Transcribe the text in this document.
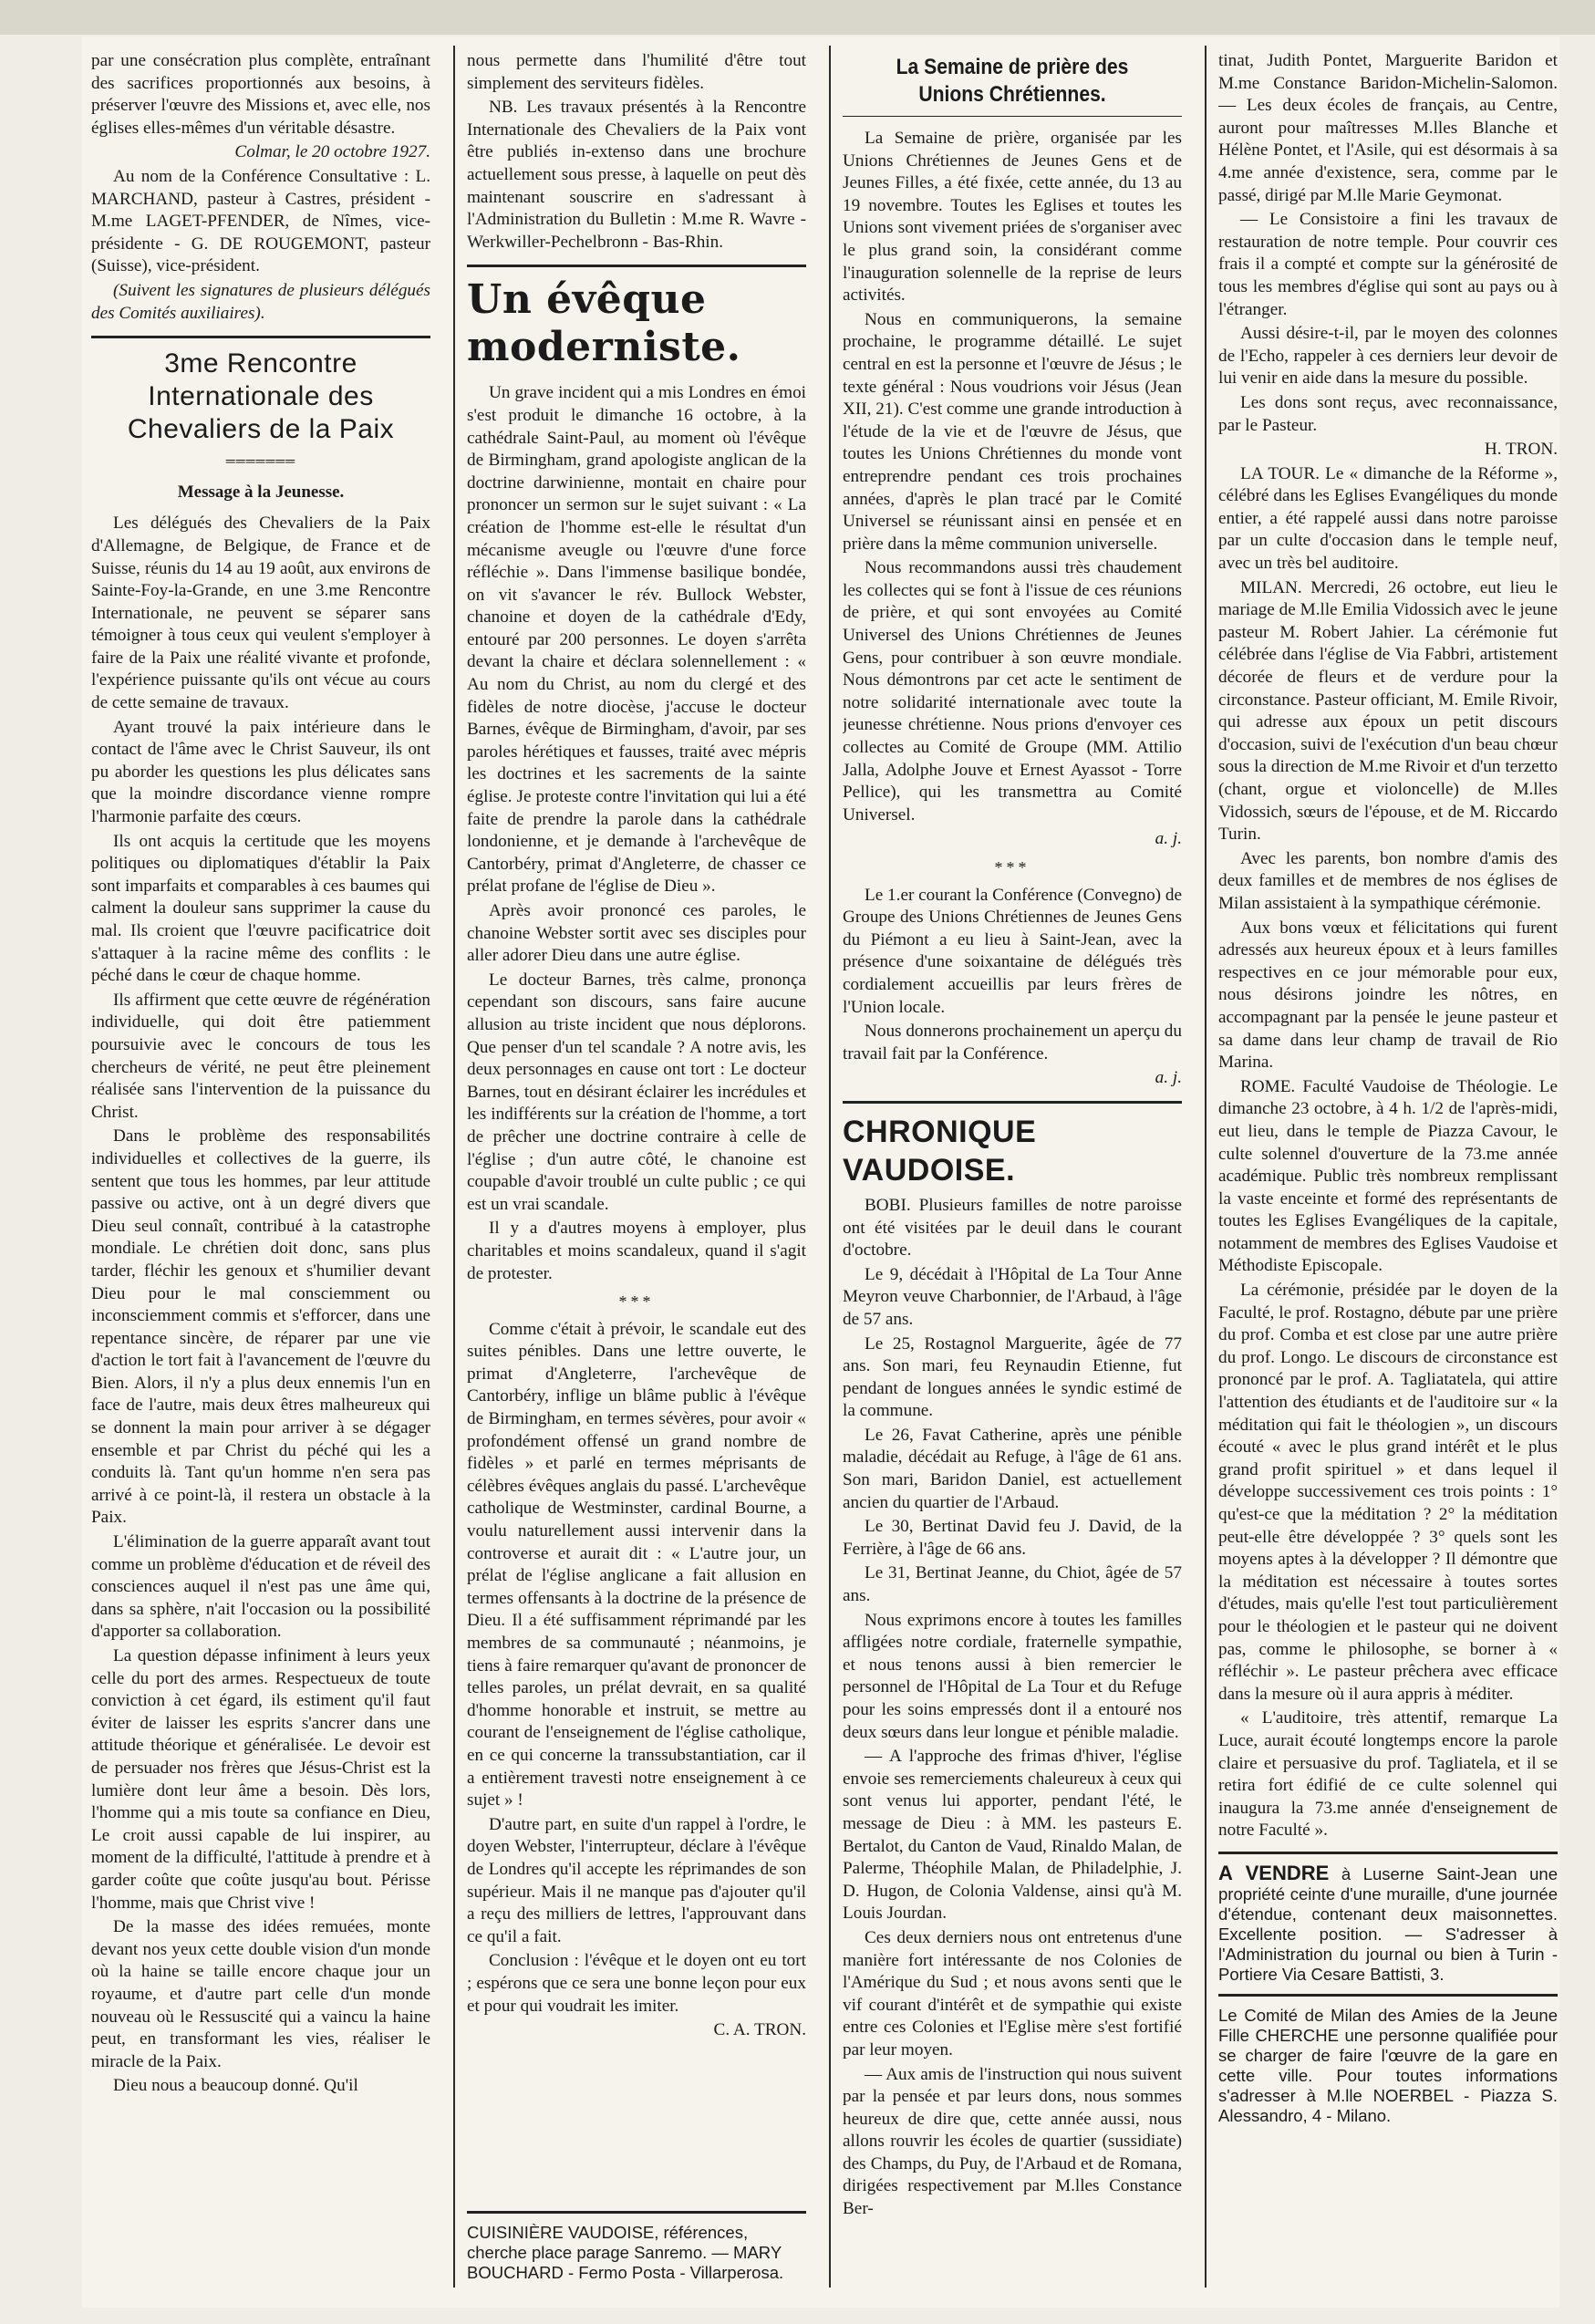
par une consécration plus complète, entraînant des sacrifices proportionnés aux besoins, à préserver l'œuvre des Missions et, avec elle, nos églises elles-mêmes d'un véritable désastre.

Colmar, le 20 octobre 1927.

Au nom de la Conférence Consultative : L. MARCHAND, pasteur à Castres, président - M.me LAGET-PFENDER, de Nîmes, vice-présidente - G. DE ROUGEMONT, pasteur (Suisse), vice-président.

(Suivent les signatures de plusieurs délégués des Comités auxiliaires).

3me Rencontre Internationale des Chevaliers de la Paix
═══════
Message à la Jeunesse.

Les délégués des Chevaliers de la Paix d'Allemagne, de Belgique, de France et de Suisse, réunis du 14 au 19 août, aux environs de Sainte-Foy-la-Grande, en une 3.me Rencontre Internationale, ne peuvent se séparer sans témoigner à tous ceux qui veulent s'employer à faire de la Paix une réalité vivante et profonde, l'expérience puissante qu'ils ont vécue au cours de cette semaine de travaux.

Ayant trouvé la paix intérieure dans le contact de l'âme avec le Christ Sauveur, ils ont pu aborder les questions les plus délicates sans que la moindre discordance vienne rompre l'harmonie parfaite des cœurs.

Ils ont acquis la certitude que les moyens politiques ou diplomatiques d'établir la Paix sont imparfaits et comparables à ces baumes qui calment la douleur sans supprimer la cause du mal. Ils croient que l'œuvre pacificatrice doit s'attaquer à la racine même des conflits : le péché dans le cœur de chaque homme.

Ils affirment que cette œuvre de régénération individuelle, qui doit être patiemment poursuivie avec le concours de tous les chercheurs de vérité, ne peut être pleinement réalisée sans l'intervention de la puissance du Christ.

Dans le problème des responsabilités individuelles et collectives de la guerre, ils sentent que tous les hommes, par leur attitude passive ou active, ont à un degré divers que Dieu seul connaît, contribué à la catastrophe mondiale. Le chrétien doit donc, sans plus tarder, fléchir les genoux et s'humilier devant Dieu pour le mal consciemment ou inconsciemment commis et s'efforcer, dans une repentance sincère, de réparer par une vie d'action le tort fait à l'avancement de l'œuvre du Bien. Alors, il n'y a plus deux ennemis l'un en face de l'autre, mais deux êtres malheureux qui se donnent la main pour arriver à se dégager ensemble et par Christ du péché qui les a conduits là. Tant qu'un homme n'en sera pas arrivé à ce point-là, il restera un obstacle à la Paix.

L'élimination de la guerre apparaît avant tout comme un problème d'éducation et de réveil des consciences auquel il n'est pas une âme qui, dans sa sphère, n'ait l'occasion ou la possibilité d'apporter sa collaboration.

La question dépasse infiniment à leurs yeux celle du port des armes. Respectueux de toute conviction à cet égard, ils estiment qu'il faut éviter de laisser les esprits s'ancrer dans une attitude théorique et généralisée. Le devoir est de persuader nos frères que Jésus-Christ est la lumière dont leur âme a besoin. Dès lors, l'homme qui a mis toute sa confiance en Dieu, Le croit aussi capable de lui inspirer, au moment de la difficulté, l'attitude à prendre et à garder coûte que coûte jusqu'au bout. Périsse l'homme, mais que Christ vive !

De la masse des idées remuées, monte devant nos yeux cette double vision d'un monde où la haine se taille encore chaque jour un royaume, et d'autre part celle d'un monde nouveau où le Ressuscité qui a vaincu la haine peut, en transformant les vies, réaliser le miracle de la Paix.

Dieu nous a beaucoup donné. Qu'il

nous permette dans l'humilité d'être tout simplement des serviteurs fidèles.

NB. Les travaux présentés à la Rencontre Internationale des Chevaliers de la Paix vont être publiés in-extenso dans une brochure actuellement sous presse, à laquelle on peut dès maintenant souscrire en s'adressant à l'Administration du Bulletin : M.me R. Wavre - Werkwiller-Pechelbronn - Bas-Rhin.

Un évêque moderniste.

Un grave incident qui a mis Londres en émoi s'est produit le dimanche 16 octobre, à la cathédrale Saint-Paul, au moment où l'évêque de Birmingham, grand apologiste anglican de la doctrine darwinienne, montait en chaire pour prononcer un sermon sur le sujet suivant : « La création de l'homme est-elle le résultat d'un mécanisme aveugle ou l'œuvre d'une force réfléchie ». Dans l'immense basilique bondée, on vit s'avancer le rév. Bullock Webster, chanoine et doyen de la cathédrale d'Edy, entouré par 200 personnes. Le doyen s'arrêta devant la chaire et déclara solennellement : « Au nom du Christ, au nom du clergé et des fidèles de notre diocèse, j'accuse le docteur Barnes, évêque de Birmingham, d'avoir, par ses paroles hérétiques et fausses, traité avec mépris les doctrines et les sacrements de la sainte église. Je proteste contre l'invitation qui lui a été faite de prendre la parole dans la cathédrale londonienne, et je demande à l'archevêque de Cantorbéry, primat d'Angleterre, de chasser ce prélat profane de l'église de Dieu ».

Après avoir prononcé ces paroles, le chanoine Webster sortit avec ses disciples pour aller adorer Dieu dans une autre église.

Le docteur Barnes, très calme, prononça cependant son discours, sans faire aucune allusion au triste incident que nous déplorons. Que penser d'un tel scandale ? A notre avis, les deux personnages en cause ont tort : Le docteur Barnes, tout en désirant éclairer les incrédules et les indifférents sur la création de l'homme, a tort de prêcher une doctrine contraire à celle de l'église ; d'un autre côté, le chanoine est coupable d'avoir troublé un culte public ; ce qui est un vrai scandale.

Il y a d'autres moyens à employer, plus charitables et moins scandaleux, quand il s'agit de protester.

***

Comme c'était à prévoir, le scandale eut des suites pénibles. Dans une lettre ouverte, le primat d'Angleterre, l'archevêque de Cantorbéry, inflige un blâme public à l'évêque de Birmingham, en termes sévères, pour avoir « profondément offensé un grand nombre de fidèles » et parlé en termes méprisants de célèbres évêques anglais du passé. L'archevêque catholique de Westminster, cardinal Bourne, a voulu naturellement aussi intervenir dans la controverse et aurait dit : « L'autre jour, un prélat de l'église anglicane a fait allusion en termes offensants à la doctrine de la présence de Dieu. Il a été suffisamment réprimandé par les membres de sa communauté ; néanmoins, je tiens à faire remarquer qu'avant de prononcer de telles paroles, un prélat devrait, en sa qualité d'homme honorable et instruit, se mettre au courant de l'enseignement de l'église catholique, en ce qui concerne la transsubstantiation, car il a entièrement travesti notre enseignement à ce sujet » !

D'autre part, en suite d'un rappel à l'ordre, le doyen Webster, l'interrupteur, déclare à l'évêque de Londres qu'il accepte les réprimandes de son supérieur. Mais il ne manque pas d'ajouter qu'il a reçu des milliers de lettres, l'approuvant dans ce qu'il a fait.

Conclusion : l'évêque et le doyen ont eu tort ; espérons que ce sera une bonne leçon pour eux et pour qui voudrait les imiter.

C. A. TRON.

CUISINIÈRE VAUDOISE, références, cherche place parage Sanremo. — MARY BOUCHARD - Fermo Posta - Villarperosa.
La Semaine de prière des Unions Chrétiennes.

La Semaine de prière, organisée par les Unions Chrétiennes de Jeunes Gens et de Jeunes Filles, a été fixée, cette année, du 13 au 19 novembre. Toutes les Eglises et toutes les Unions sont vivement priées de s'organiser avec le plus grand soin, la considérant comme l'inauguration solennelle de la reprise de leurs activités.

Nous en communiquerons, la semaine prochaine, le programme détaillé. Le sujet central en est la personne et l'œuvre de Jésus ; le texte général : Nous voudrions voir Jésus (Jean XII, 21). C'est comme une grande introduction à l'étude de la vie et de l'œuvre de Jésus, que toutes les Unions Chrétiennes du monde vont entreprendre pendant ces trois prochaines années, d'après le plan tracé par le Comité Universel se réunissant ainsi en pensée et en prière dans la même communion universelle.

Nous recommandons aussi très chaudement les collectes qui se font à l'issue de ces réunions de prière, et qui sont envoyées au Comité Universel des Unions Chrétiennes de Jeunes Gens, pour contribuer à son œuvre mondiale. Nous démontrons par cet acte le sentiment de notre solidarité internationale avec toute la jeunesse chrétienne. Nous prions d'envoyer ces collectes au Comité de Groupe (MM. Attilio Jalla, Adolphe Jouve et Ernest Ayassot - Torre Pellice), qui les transmettra au Comité Universel.

a. j.

***

Le 1.er courant la Conférence (Convegno) de Groupe des Unions Chrétiennes de Jeunes Gens du Piémont a eu lieu à Saint-Jean, avec la présence d'une soixantaine de délégués très cordialement accueillis par leurs frères de l'Union locale.

Nous donnerons prochainement un aperçu du travail fait par la Conférence.

a. j.

CHRONIQUE VAUDOISE.

BOBI. Plusieurs familles de notre paroisse ont été visitées par le deuil dans le courant d'octobre.

Le 9, décédait à l'Hôpital de La Tour Anne Meyron veuve Charbonnier, de l'Arbaud, à l'âge de 57 ans.

Le 25, Rostagnol Marguerite, âgée de 77 ans. Son mari, feu Reynaudin Etienne, fut pendant de longues années le syndic estimé de la commune.

Le 26, Favat Catherine, après une pénible maladie, décédait au Refuge, à l'âge de 61 ans. Son mari, Baridon Daniel, est actuellement ancien du quartier de l'Arbaud.

Le 30, Bertinat David feu J. David, de la Ferrière, à l'âge de 66 ans.

Le 31, Bertinat Jeanne, du Chiot, âgée de 57 ans.

Nous exprimons encore à toutes les familles affligées notre cordiale, fraternelle sympathie, et nous tenons aussi à bien remercier le personnel de l'Hôpital de La Tour et du Refuge pour les soins empressés dont il a entouré nos deux sœurs dans leur longue et pénible maladie.

— A l'approche des frimas d'hiver, l'église envoie ses remerciements chaleureux à ceux qui sont venus lui apporter, pendant l'été, le message de Dieu : à MM. les pasteurs E. Bertalot, du Canton de Vaud, Rinaldo Malan, de Palerme, Théophile Malan, de Philadelphie, J. D. Hugon, de Colonia Valdense, ainsi qu'à M. Louis Jourdan.

Ces deux derniers nous ont entretenus d'une manière fort intéressante de nos Colonies de l'Amérique du Sud ; et nous avons senti que le vif courant d'intérêt et de sympathie qui existe entre ces Colonies et l'Eglise mère s'est fortifié par leur moyen.

— Aux amis de l'instruction qui nous suivent par la pensée et par leurs dons, nous sommes heureux de dire que, cette année aussi, nous allons rouvrir les écoles de quartier (sussidiate) des Champs, du Puy, de l'Arbaud et de Romana, dirigées respectivement par M.lles Constance Ber-

tinat, Judith Pontet, Marguerite Baridon et M.me Constance Baridon-Michelin-Salomon. — Les deux écoles de français, au Centre, auront pour maîtresses M.lles Blanche et Hélène Pontet, et l'Asile, qui est désormais à sa 4.me année d'existence, sera, comme par le passé, dirigé par M.lle Marie Geymonat.

— Le Consistoire a fini les travaux de restauration de notre temple. Pour couvrir ces frais il a compté et compte sur la générosité de tous les membres d'église qui sont au pays ou à l'étranger.

Aussi désire-t-il, par le moyen des colonnes de l'Echo, rappeler à ces derniers leur devoir de lui venir en aide dans la mesure du possible.

Les dons sont reçus, avec reconnaissance, par le Pasteur.

H. TRON.

LA TOUR. Le « dimanche de la Réforme », célébré dans les Eglises Evangéliques du monde entier, a été rappelé aussi dans notre paroisse par un culte d'occasion dans le temple neuf, avec un très bel auditoire.

MILAN. Mercredi, 26 octobre, eut lieu le mariage de M.lle Emilia Vidossich avec le jeune pasteur M. Robert Jahier. La cérémonie fut célébrée dans l'église de Via Fabbri, artistement décorée de fleurs et de verdure pour la circonstance. Pasteur officiant, M. Emile Rivoir, qui adresse aux époux un petit discours d'occasion, suivi de l'exécution d'un beau chœur sous la direction de M.me Rivoir et d'un terzetto (chant, orgue et violoncelle) de M.lles Vidossich, sœurs de l'épouse, et de M. Riccardo Turin.

Avec les parents, bon nombre d'amis des deux familles et de membres de nos églises de Milan assistaient à la sympathique cérémonie.

Aux bons vœux et félicitations qui furent adressés aux heureux époux et à leurs familles respectives en ce jour mémorable pour eux, nous désirons joindre les nôtres, en accompagnant par la pensée le jeune pasteur et sa dame dans leur champ de travail de Rio Marina.

ROME. Faculté Vaudoise de Théologie. Le dimanche 23 octobre, à 4 h. 1/2 de l'après-midi, eut lieu, dans le temple de Piazza Cavour, le culte solennel d'ouverture de la 73.me année académique. Public très nombreux remplissant la vaste enceinte et formé des représentants de toutes les Eglises Evangéliques de la capitale, notamment de membres des Eglises Vaudoise et Méthodiste Episcopale.

La cérémonie, présidée par le doyen de la Faculté, le prof. Rostagno, débute par une prière du prof. Comba et est close par une autre prière du prof. Longo. Le discours de circonstance est prononcé par le prof. A. Tagliatatela, qui attire l'attention des étudiants et de l'auditoire sur « la méditation qui fait le théologien », un discours écouté « avec le plus grand intérêt et le plus grand profit spirituel » et dans lequel il développe successivement ces trois points : 1° qu'est-ce que la méditation ? 2° la méditation peut-elle être développée ? 3° quels sont les moyens aptes à la développer ? Il démontre que la méditation est nécessaire à toutes sortes d'études, mais qu'elle l'est tout particulièrement pour le théologien et le pasteur qui ne doivent pas, comme le philosophe, se borner à « réfléchir ». Le pasteur prêchera avec efficace dans la mesure où il aura appris à méditer.

« L'auditoire, très attentif, remarque La Luce, aurait écouté longtemps encore la parole claire et persuasive du prof. Tagliatela, et il se retira fort édifié de ce culte solennel qui inaugura la 73.me année d'enseignement de notre Faculté ».

A VENDRE à Luserne Saint-Jean une propriété ceinte d'une muraille, d'une journée d'étendue, contenant deux maisonnettes. Excellente position. — S'adresser à l'Administration du journal ou bien à Turin - Portiere Via Cesare Battisti, 3.

Le Comité de Milan des Amies de la Jeune Fille CHERCHE une personne qualifiée pour se charger de faire l'œuvre de la gare en cette ville. Pour toutes informations s'adresser à M.lle NOERBEL - Piazza S. Alessandro, 4 - Milano.
